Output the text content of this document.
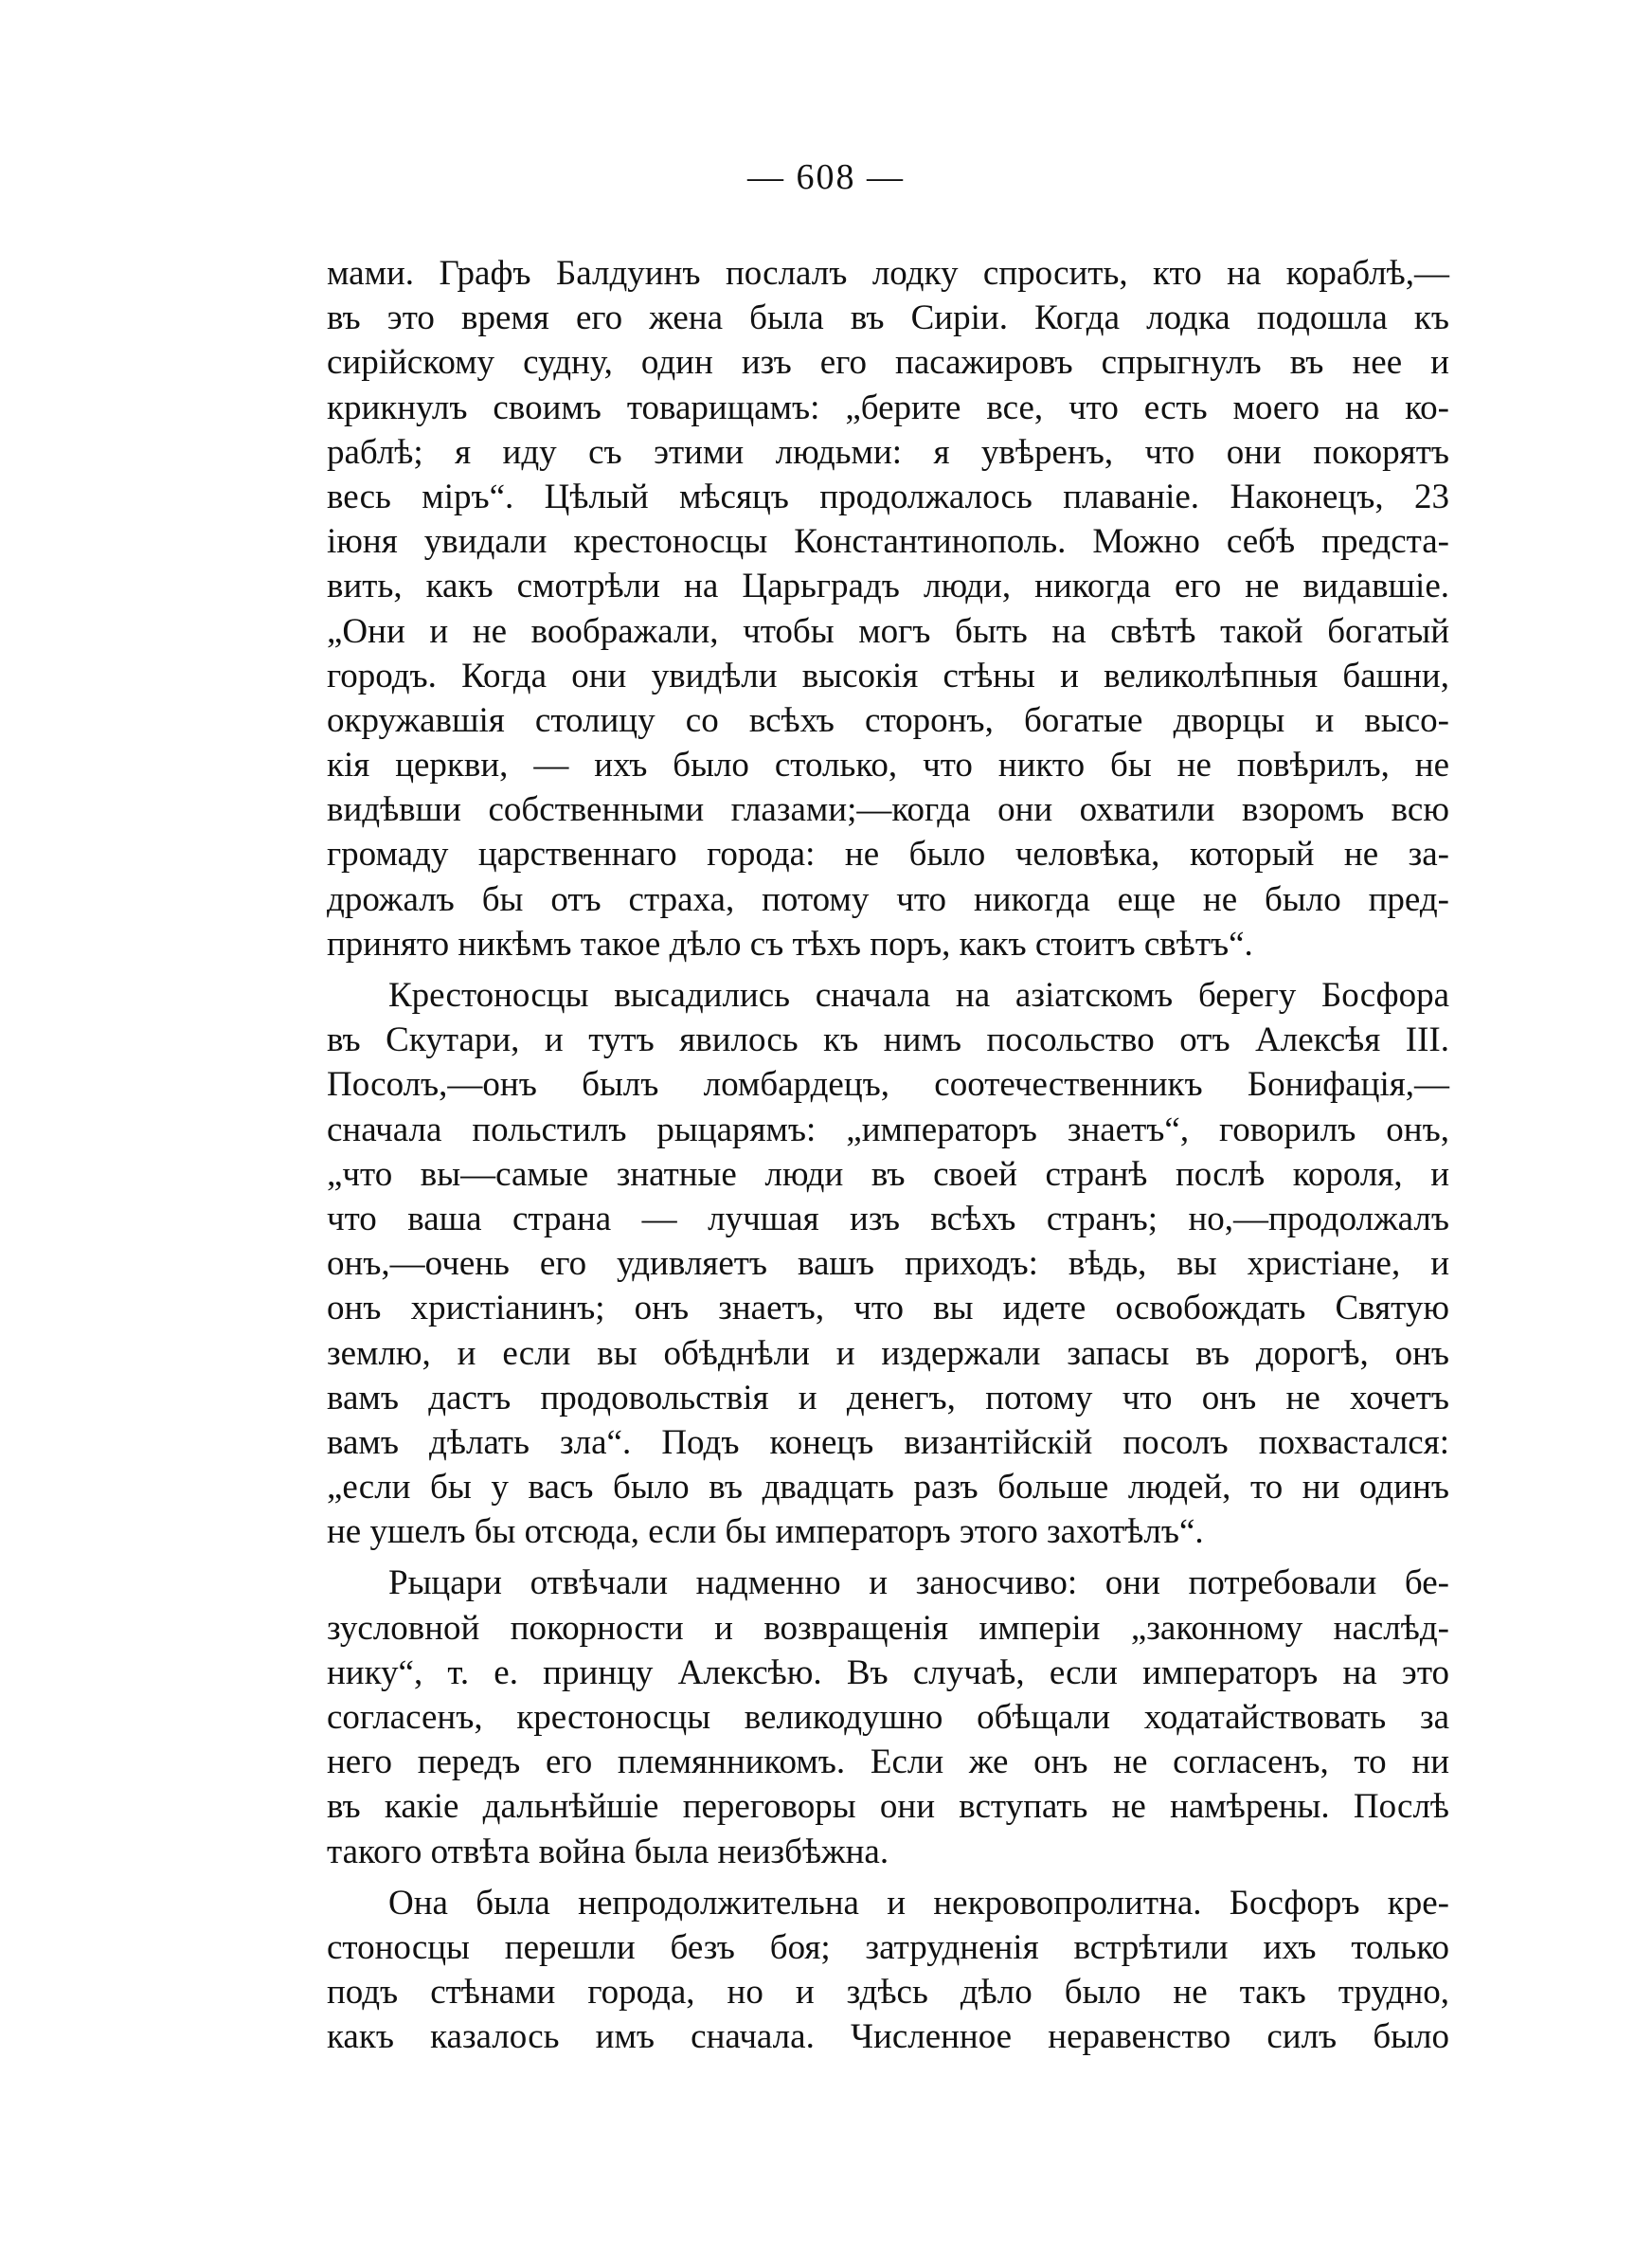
— 608 —
мами. Графъ Балдуинъ послалъ лодку спросить, кто на кораблѣ,—
въ это время его жена была въ Сиріи. Когда лодка подошла къ
сирійскому судну, один изъ его пасажировъ спрыгнулъ въ нее и
крикнулъ своимъ товарищамъ: „берите все, что есть моего на ко-
раблѣ; я иду съ этими людьми: я увѣренъ, что они покорятъ
весь міръ“. Цѣлый мѣсяцъ продолжалось плаваніе. Наконецъ, 23
іюня увидали крестоносцы Константинополь. Можно себѣ предста-
вить, какъ смотрѣли на Царьградъ люди, никогда его не видавшіе.
„Они и не воображали, чтобы могъ быть на свѣтѣ такой богатый
городъ. Когда они увидѣли высокія стѣны и великолѣпныя башни,
окружавшія столицу со всѣхъ сторонъ, богатые дворцы и высо-
кія церкви, — ихъ было столько, что никто бы не повѣрилъ, не
видѣвши собственными глазами;—когда они охватили взоромъ всю
громаду царственнаго города: не было человѣка, который не за-
дрожалъ бы отъ страха, потому что никогда еще не было пред-
принято никѣмъ такое дѣло съ тѣхъ поръ, какъ стоитъ свѣтъ“.
Крестоносцы высадились сначала на азіатскомъ берегу Босфора
въ Скутари, и тутъ явилось къ нимъ посольство отъ Алексѣя III.
Посолъ,—онъ былъ ломбардецъ, соотечественникъ Бонифація,—
сначала польстилъ рыцарямъ: „императоръ знаетъ“, говорилъ онъ,
„что вы—самые знатные люди въ своей странѣ послѣ короля, и
что ваша страна — лучшая изъ всѣхъ странъ; но,—продолжалъ
онъ,—очень его удивляетъ вашъ приходъ: вѣдь, вы христіане, и
онъ христіанинъ; онъ знаетъ, что вы идете освобождать Святую
землю, и если вы обѣднѣли и издержали запасы въ дорогѣ, онъ
вамъ дастъ продовольствія и денегъ, потому что онъ не хочетъ
вамъ дѣлать зла“. Подъ конецъ византійскій посолъ похвастался:
„если бы у васъ было въ двадцать разъ больше людей, то ни одинъ
не ушелъ бы отсюда, если бы императоръ этого захотѣлъ“.
Рыцари отвѣчали надменно и заносчиво: они потребовали бе-
зусловной покорности и возвращенія имперіи „законному наслѣд-
нику“, т. е. принцу Алексѣю. Въ случаѣ, если императоръ на это
согласенъ, крестоносцы великодушно обѣщали ходатайствовать за
него передъ его племянникомъ. Если же онъ не согласенъ, то ни
въ какіе дальнѣйшіе переговоры они вступать не намѣрены. Послѣ
такого отвѣта война была неизбѣжна.
Она была непродолжительна и некровопролитна. Босфоръ кре-
стоносцы перешли безъ боя; затрудненія встрѣтили ихъ только
подъ стѣнами города, но и здѣсь дѣло было не такъ трудно,
какъ казалось имъ сначала. Численное неравенство силъ было
